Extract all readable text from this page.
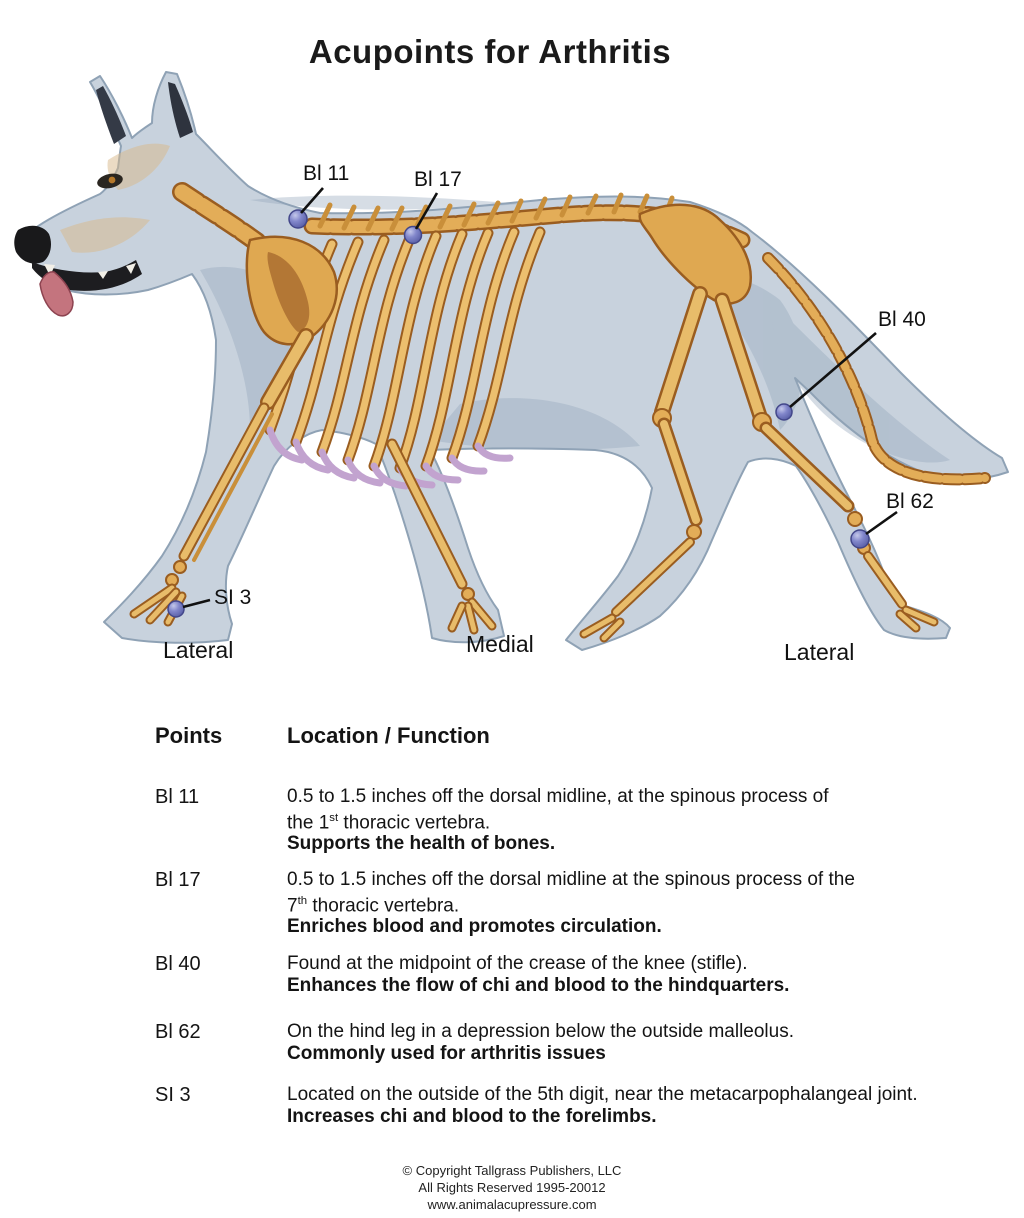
Bl 11	Bl 17
Bl 40
Bl 62
SI 3
Lateral	Medial	Lateral
Acupoints for Arthritis
Points	Location / Function
Bl 11	0.5 to 1.5 inches off the dorsal midline, at the spinous process of
the 1st thoracic vertebra.
Supports the health of bones.
Bl 17	0.5 to 1.5 inches off the dorsal midline at the spinous process of the
7th thoracic vertebra.
Enriches blood and promotes circulation.
Bl 40	Found at the midpoint of the crease of the knee (stifle).
Enhances the flow of chi and blood to the hindquarters.
Bl 62	On the hind leg in a depression below the outside malleolus.
Commonly used for arthritis issues
SI 3	Located on the outside of the 5th digit, near the metacarpophalangeal joint.
Increases chi and blood to the forelimbs.
© Copyright Tallgrass Publishers, LLC
All Rights Reserved 1995-20012
www.animalacupressure.com
